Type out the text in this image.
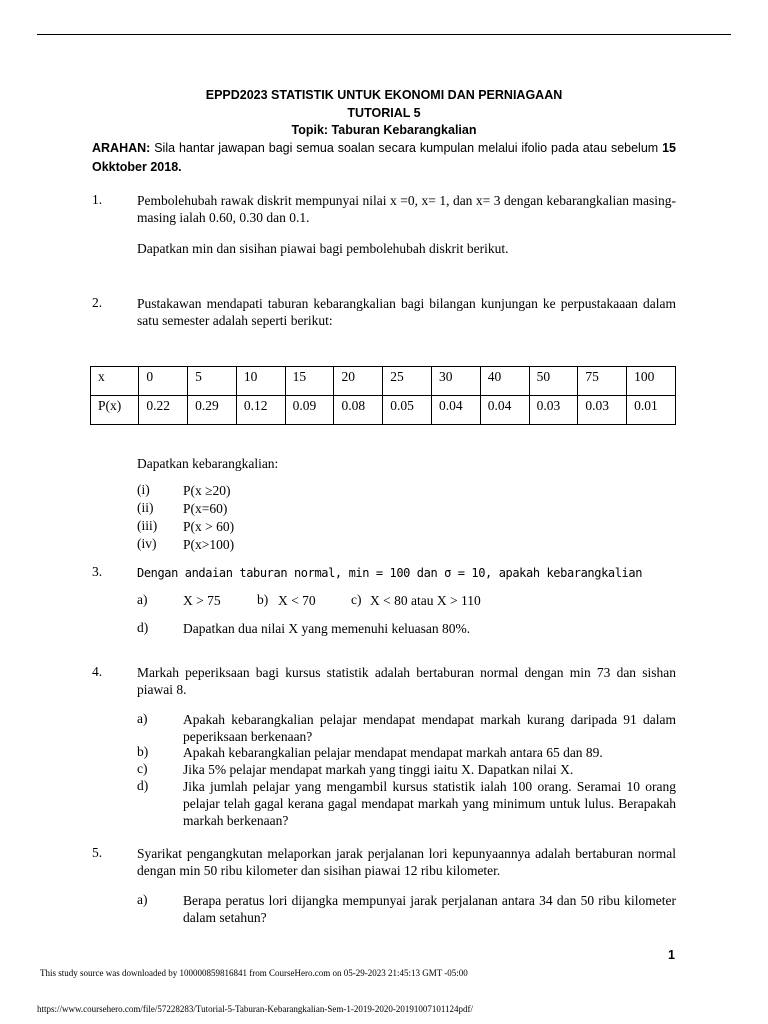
EPPD2023 STATISTIK UNTUK EKONOMI DAN PERNIAGAAN
TUTORIAL 5
Topik: Taburan Kebarangkalian
ARAHAN: Sila hantar jawapan bagi semua soalan secara kumpulan melalui ifolio pada atau sebelum 15 Okktober 2018.
1.	Pembolehubah rawak diskrit mempunyai nilai x =0, x= 1, dan x= 3 dengan kebarangkalian masing-masing ialah 0.60, 0.30 dan 0.1.
Dapatkan min dan sisihan piawai bagi pembolehubah diskrit berikut.
2.	Pustakawan mendapati taburan kebarangkalian bagi bilangan kunjungan ke perpustakaaan dalam satu semester adalah seperti berikut:
x	0	5	10	15	20	25	30	40	50	75	100
P(x)	0.22	0.29	0.12	0.09	0.08	0.05	0.04	0.04	0.03	0.03	0.01
Dapatkan kebarangkalian:
(i) P(x ≥20)
(ii) P(x=60)
(iii) P(x > 60)
(iv) P(x>100)
3.	Dengan andaian taburan normal, min = 100 dan σ = 10, apakah kebarangkalian
a)	X > 75	b) X < 70	c) X < 80 atau X > 110
d)	Dapatkan dua nilai X yang memenuhi keluasan 80%.
4.	Markah peperiksaan bagi kursus statistik adalah bertaburan normal dengan min 73 dan sishan piawai 8.
a)	Apakah kebarangkalian pelajar mendapat mendapat markah kurang daripada 91 dalam peperiksaan berkenaan?
b)	Apakah kebarangkalian pelajar mendapat mendapat markah antara 65 dan 89.
c)	Jika 5% pelajar mendapat markah yang tinggi iaitu X. Dapatkan nilai X.
d)	Jika jumlah pelajar yang mengambil kursus statistik ialah 100 orang. Seramai 10 orang pelajar telah gagal kerana gagal mendapat markah yang minimum untuk lulus. Berapakah markah berkenaan?
5.	Syarikat pengangkutan melaporkan jarak perjalanan lori kepunyaannya adalah bertaburan normal dengan min 50 ribu kilometer dan sisihan piawai 12 ribu kilometer.
a)	Berapa peratus lori dijangka mempunyai jarak perjalanan antara 34 dan 50 ribu kilometer dalam setahun?
1
This study source was downloaded by 100000859816841 from CourseHero.com on 05-29-2023 21:45:13 GMT -05:00
https://www.coursehero.com/file/57228283/Tutorial-5-Taburan-Kebarangkalian-Sem-1-2019-2020-20191007101124pdf/
